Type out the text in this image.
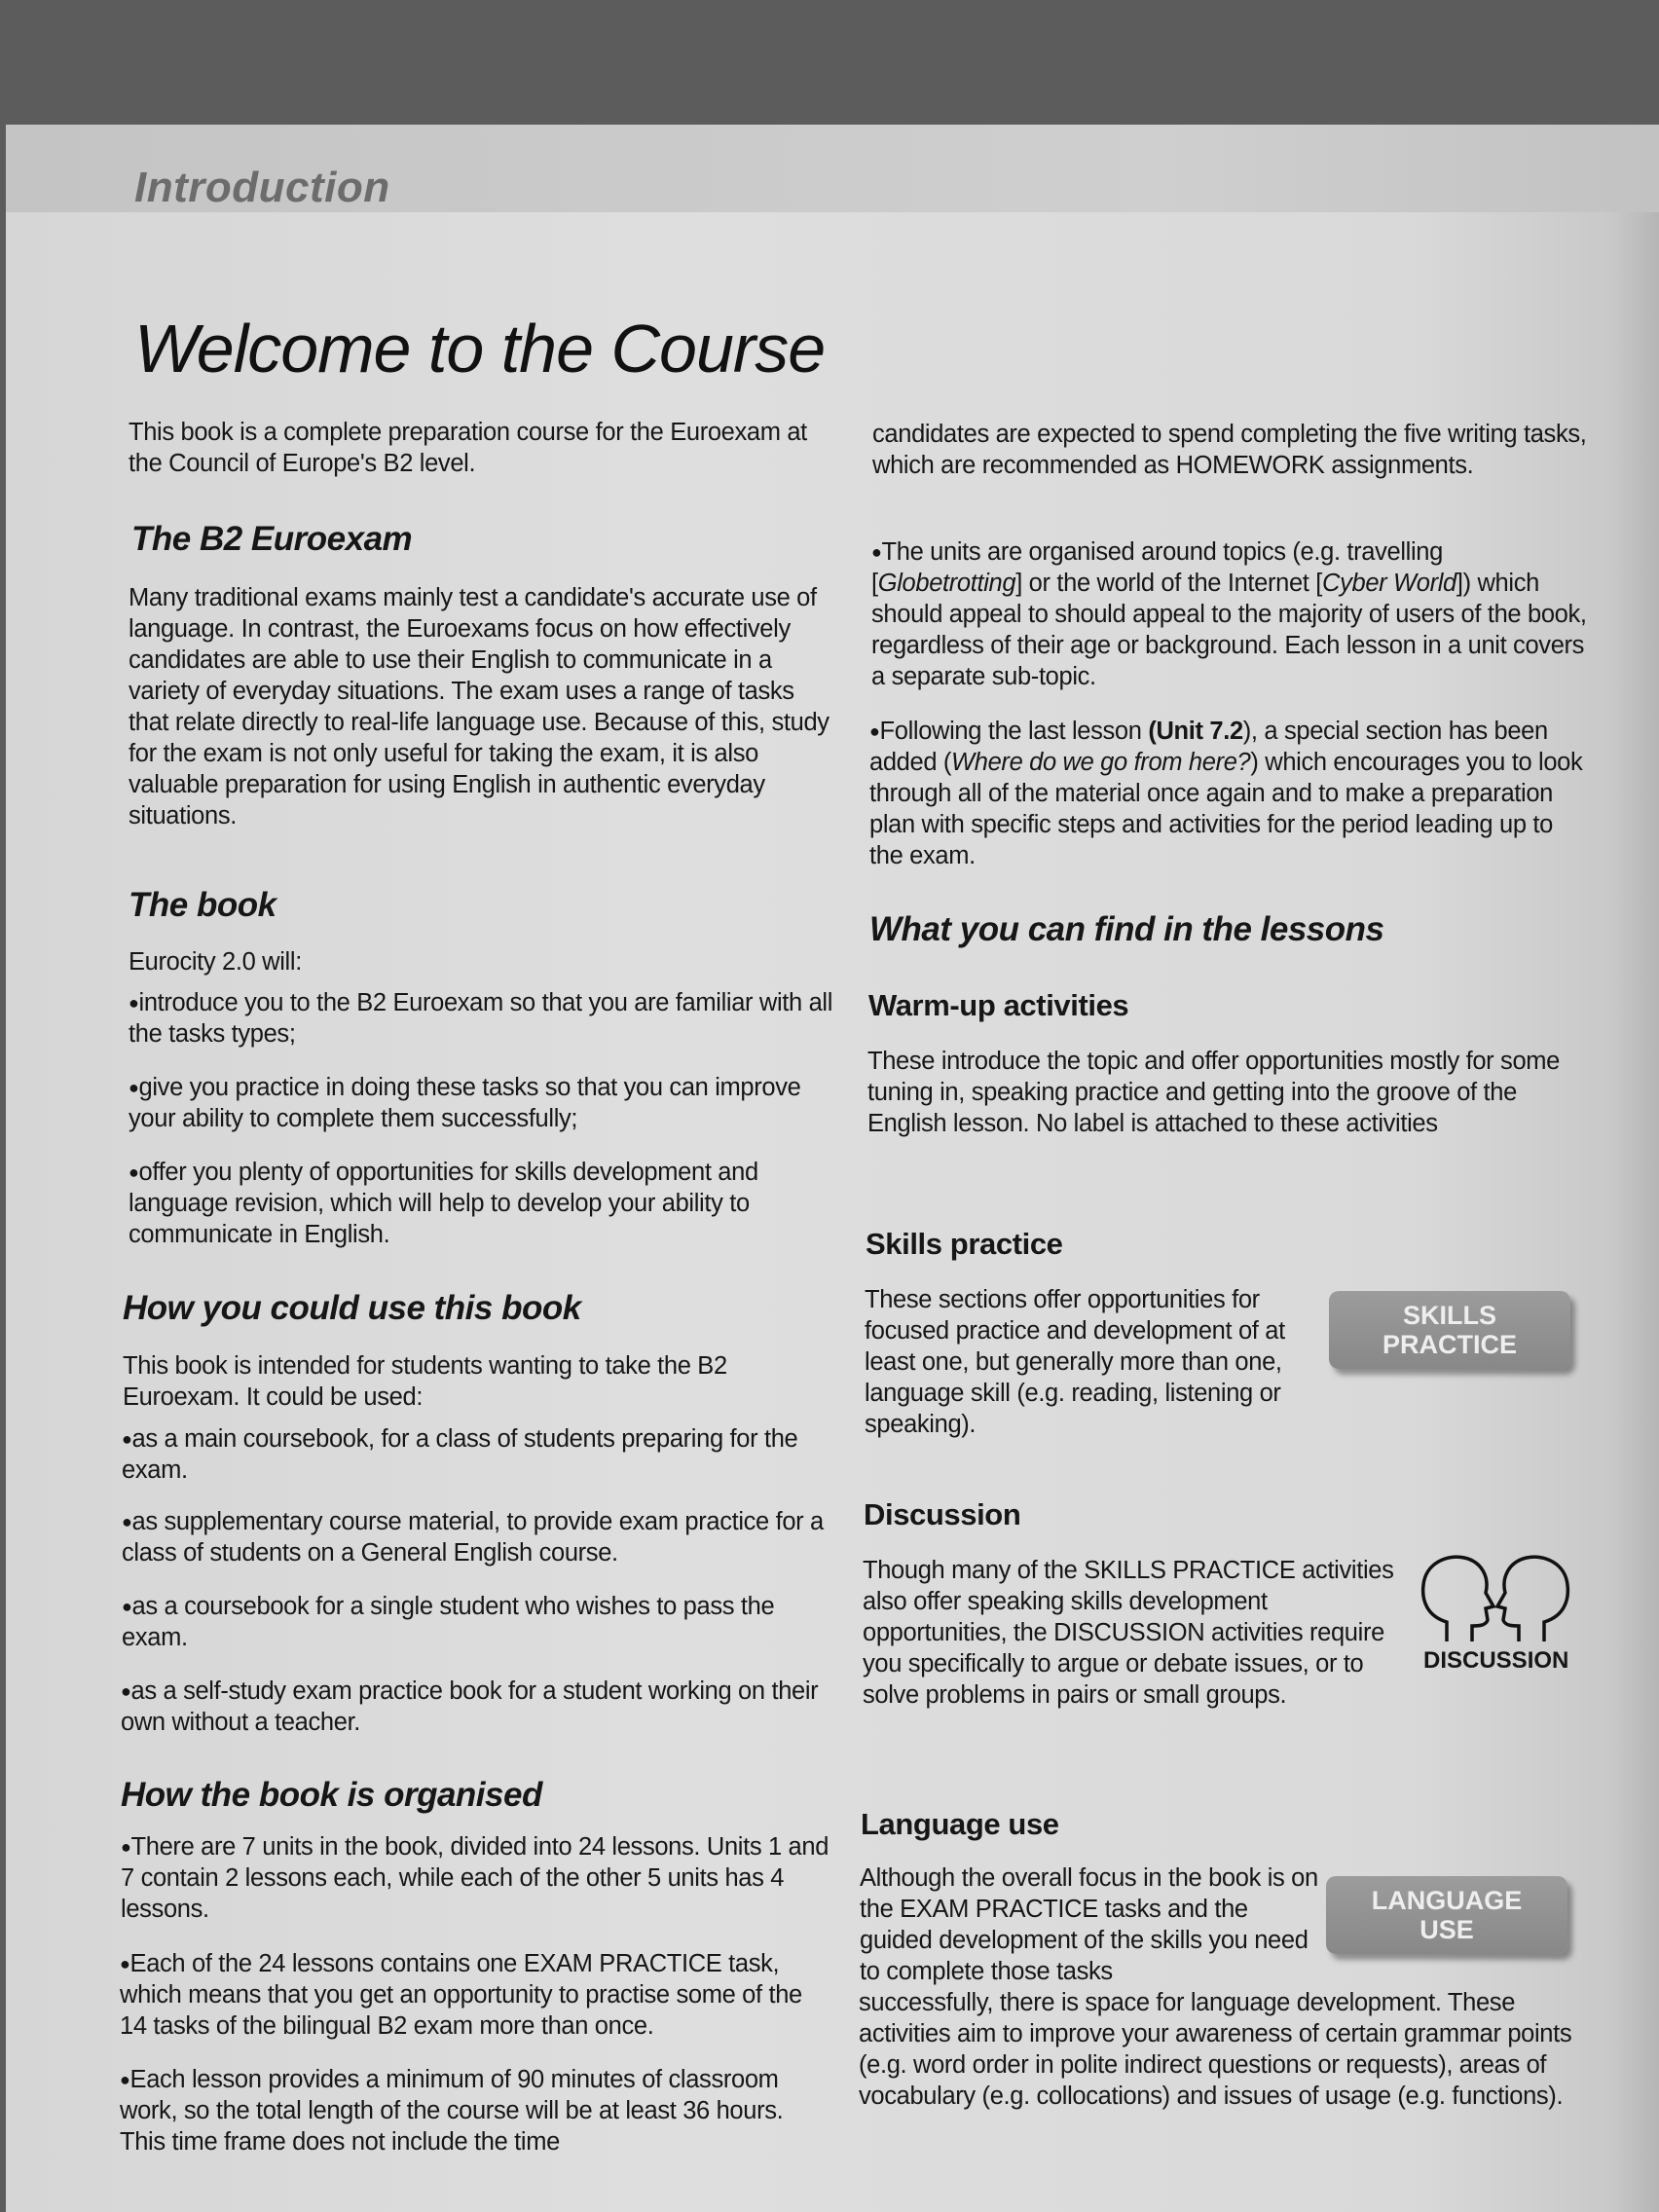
Introduction
Welcome to the Course
This book is a complete preparation course for the Euroexam at the Council of Europe's B2 level.
The B2 Euroexam
Many traditional exams mainly test a candidate's accurate use of language. In contrast, the Euroexams focus on how effectively candidates are able to use their English to communicate in a variety of everyday situations. The exam uses a range of tasks that relate directly to real-life language use. Because of this, study for the exam is not only useful for taking the exam, it is also valuable preparation for using English in authentic everyday situations.
The book
Eurocity 2.0 will:
● introduce you to the B2 Euroexam so that you are familiar with all the tasks types;
● give you practice in doing these tasks so that you can improve your ability to complete them successfully;
● offer you plenty of opportunities for skills development and language revision, which will help to develop your ability to communicate in English.
How you could use this book
This book is intended for students wanting to take the B2 Euroexam. It could be used:
● as a main coursebook, for a class of students preparing for the exam.
● as supplementary course material, to provide exam practice for a class of students on a General English course.
● as a coursebook for a single student who wishes to pass the exam.
● as a self-study exam practice book for a student working on their own without a teacher.
How the book is organised
● There are 7 units in the book, divided into 24 lessons. Units 1 and 7 contain 2 lessons each, while each of the other 5 units has 4 lessons.
● Each of the 24 lessons contains one EXAM PRACTICE task, which means that you get an opportunity to practise some of the 14 tasks of the bilingual B2 exam more than once.
● Each lesson provides a minimum of 90 minutes of classroom work, so the total length of the course will be at least 36 hours. This time frame does not include the time
candidates are expected to spend completing the five writing tasks, which are recommended as HOMEWORK assignments.
● The units are organised around topics (e.g. travelling [Globetrotting] or the world of the Internet [Cyber World]) which should appeal to should appeal to the majority of users of the book, regardless of their age or background. Each lesson in a unit covers a separate sub-topic.
● Following the last lesson (Unit 7.2), a special section has been added (Where do we go from here?) which encourages you to look through all of the material once again and to make a preparation plan with specific steps and activities for the period leading up to the exam.
What you can find in the lessons
Warm-up activities
These introduce the topic and offer opportunities mostly for some tuning in, speaking practice and getting into the groove of the English lesson. No label is attached to these activities
Skills practice
These sections offer opportunities for focused practice and development of at least one, but generally more than one, language skill (e.g. reading, listening or speaking).
SKILLS
PRACTICE
Discussion
Though many of the SKILLS PRACTICE activities also offer speaking skills development opportunities, the DISCUSSION activities require you specifically to argue or debate issues, or to solve problems in pairs or small groups.
DISCUSSION
Language use
Although the overall focus in the book is on the EXAM PRACTICE tasks and the guided development of the skills you need to complete those tasks
successfully, there is space for language development. These activities aim to improve your awareness of certain grammar points (e.g. word order in polite indirect questions or requests), areas of vocabulary (e.g. collocations) and issues of usage (e.g. functions).
LANGUAGE
USE
